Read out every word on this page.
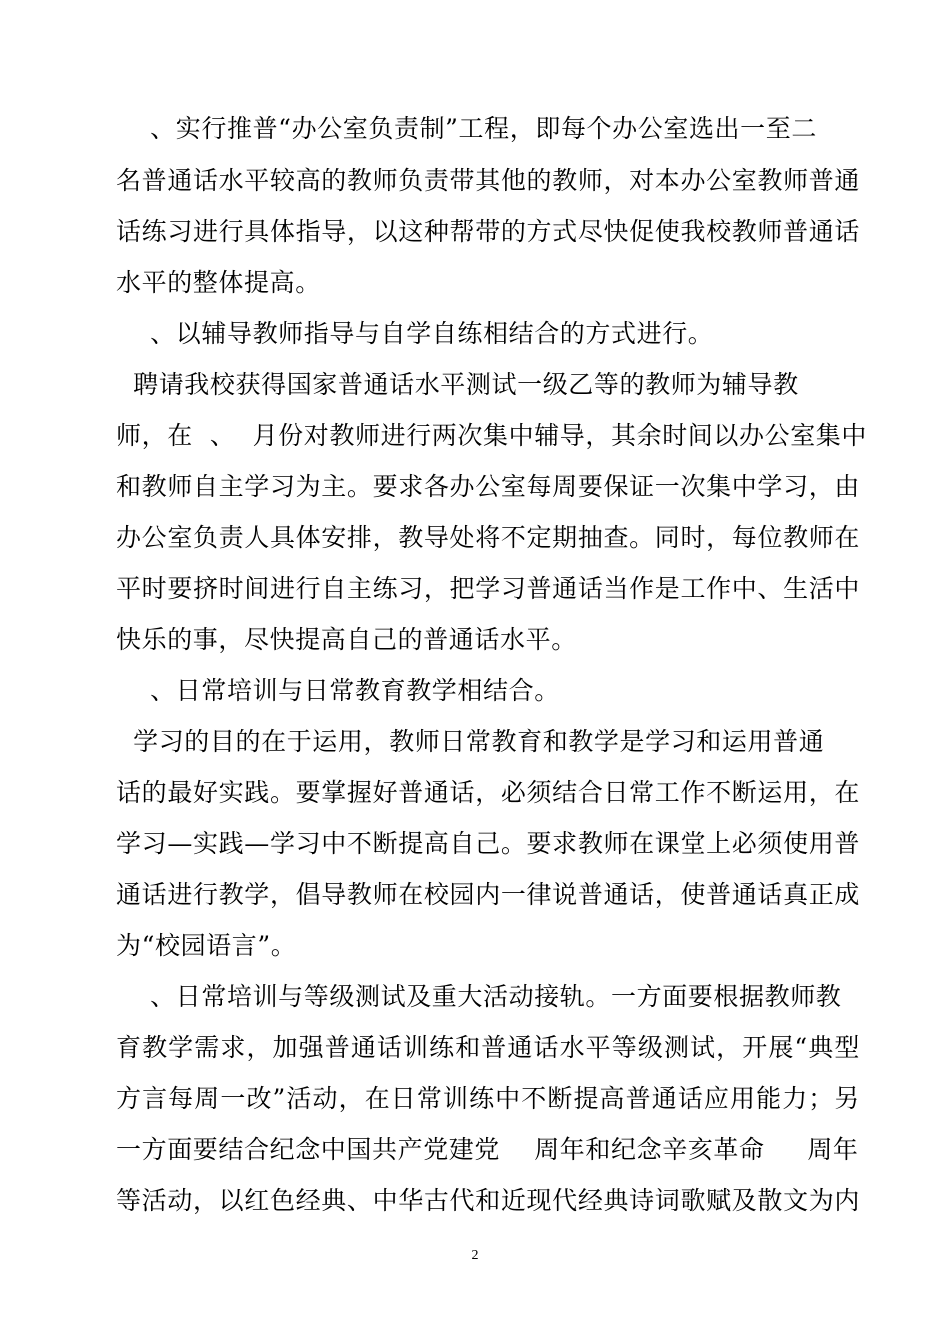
、实行推普“办公室负责制”工程，即每个办公室选出一至二
名普通话水平较高的教师负责带其他的教师，对本办公室教师普通
话练习进行具体指导，以这种帮带的方式尽快促使我校教师普通话
水平的整体提高。
、以辅导教师指导与自学自练相结合的方式进行。
聘请我校获得国家普通话水平测试一级乙等的教师为辅导教
师，在  、  月份对教师进行两次集中辅导，其余时间以办公室集中
和教师自主学习为主。要求各办公室每周要保证一次集中学习，由
办公室负责人具体安排，教导处将不定期抽查。同时，每位教师在
平时要挤时间进行自主练习，把学习普通话当作是工作中、生活中
快乐的事，尽快提高自己的普通话水平。
、日常培训与日常教育教学相结合。
学习的目的在于运用，教师日常教育和教学是学习和运用普通
话的最好实践。要掌握好普通话，必须结合日常工作不断运用，在
学习—实践—学习中不断提高自己。要求教师在课堂上必须使用普
通话进行教学，倡导教师在校园内一律说普通话，使普通话真正成
为“校园语言”。
、日常培训与等级测试及重大活动接轨。一方面要根据教师教
育教学需求，加强普通话训练和普通话水平等级测试，开展“典型
方言每周一改”活动，在日常训练中不断提高普通话应用能力；另
一方面要结合纪念中国共产党建党    周年和纪念辛亥革命     周年
等活动，以红色经典、中华古代和近现代经典诗词歌赋及散文为内
2
